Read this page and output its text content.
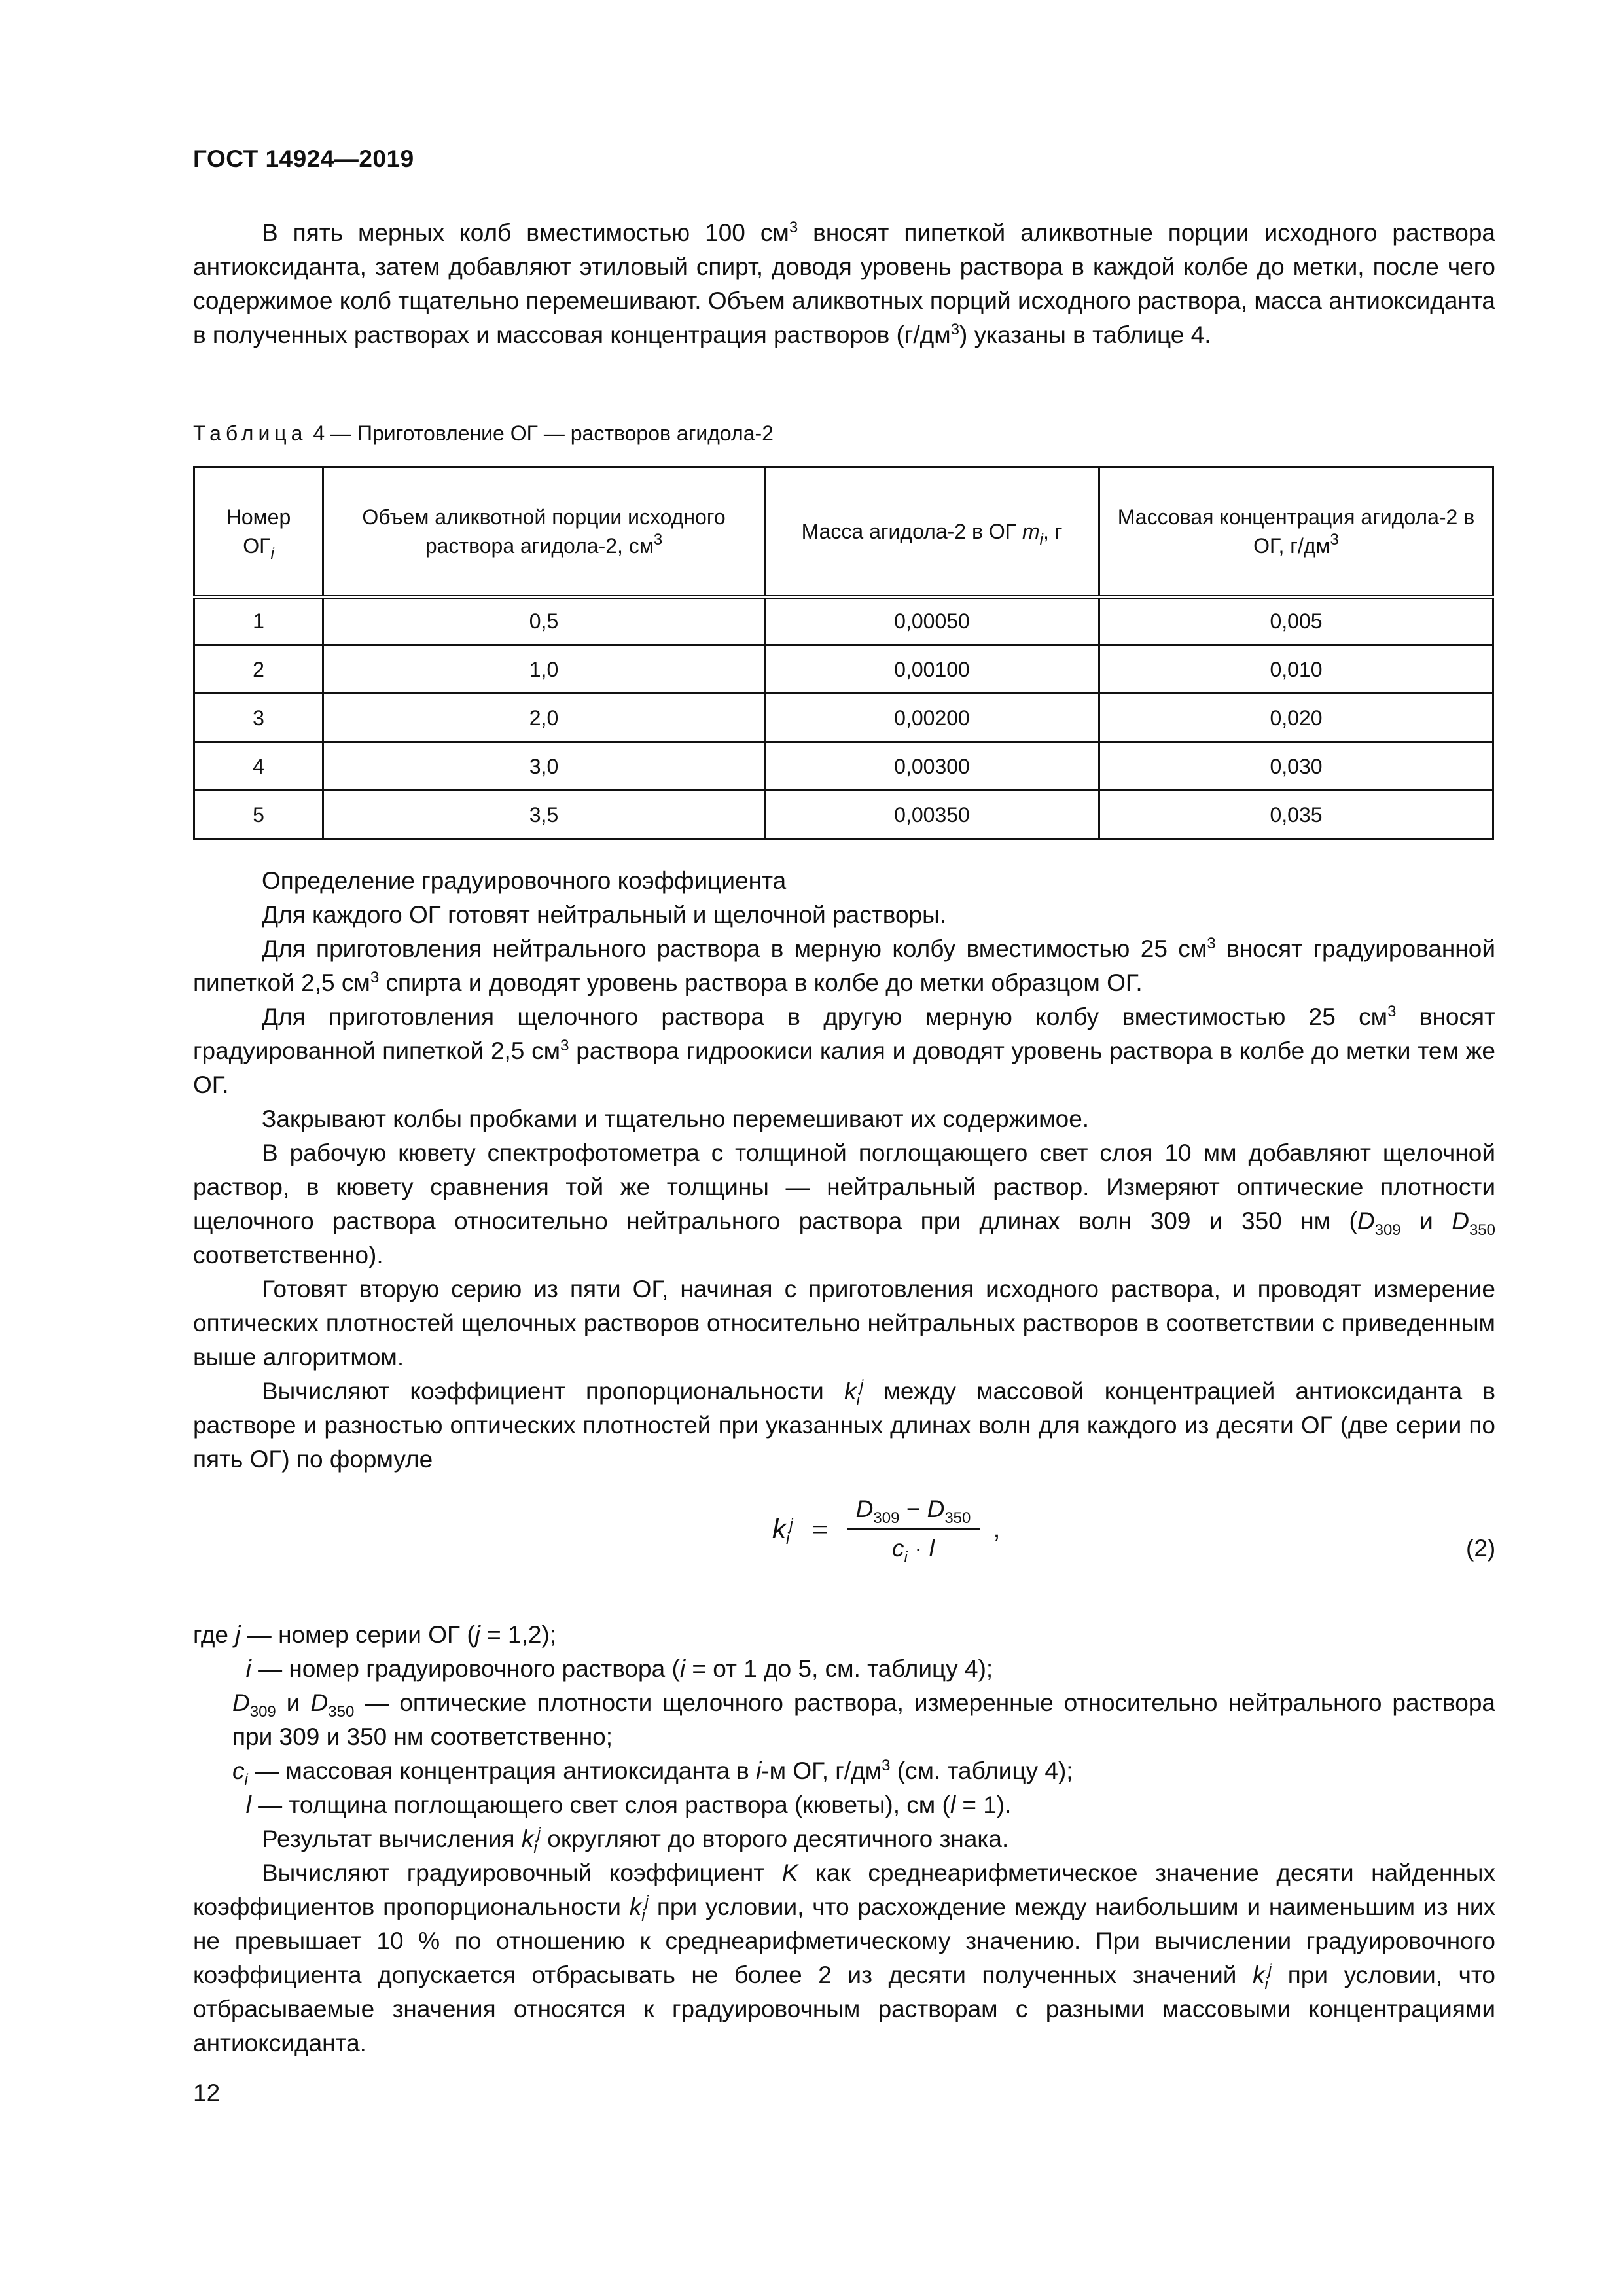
ГОСТ 14924—2019

В пять мерных колб вместимостью 100 $см^3$ вносят пипеткой аликвотные порции исходного раствора антиоксиданта, затем добавляют этиловый спирт, доводя уровень раствора в каждой колбе до метки, после чего содержимое колб тщательно перемешивают. Объем аликвотных порций исходного раствора, масса антиоксиданта в полученных растворах и массовая концентрация растворов $(г/дм^3)$ указаны в таблице 4.

Таблица 4 — Приготовление ОГ — растворов агидола-2
Номер
$ОГ_i$	Объем аликвотной порции исходного раствора агидола-2, $см^3$	Масса агидола-2 в ОГ $m_i$, г	Массовая концентрация агидола-2 в ОГ, $г/дм^3$
1	0,5	0,00050	0,005
2	1,0	0,00100	0,010
3	2,0	0,00200	0,020
4	3,0	0,00300	0,030
5	3,5	0,00350	0,035

Определение градуировочного коэффициента

Для каждого ОГ готовят нейтральный и щелочной растворы.

Для приготовления нейтрального раствора в мерную колбу вместимостью 25 $см^3$ вносят градуированной пипеткой 2,5 $см^3$ спирта и доводят уровень раствора в колбе до метки образцом ОГ.

Для приготовления щелочного раствора в другую мерную колбу вместимостью 25 $см^3$ вносят градуированной пипеткой 2,5 $см^3$ раствора гидроокиси калия и доводят уровень раствора в колбе до метки тем же ОГ.

Закрывают колбы пробками и тщательно перемешивают их содержимое.

В рабочую кювету спектрофотометра с толщиной поглощающего свет слоя 10 мм добавляют щелочной раствор, в кювету сравнения той же толщины — нейтральный раствор. Измеряют оптические плотности щелочного раствора относительно нейтрального раствора при длинах волн 309 и 350 нм ($D_{309}$ и $D_{350}$ соответственно).

Готовят вторую серию из пяти ОГ, начиная с приготовления исходного раствора, и проводят измерение оптических плотностей щелочных растворов относительно нейтральных растворов в соответствии с приведенным выше алгоритмом.

Вычисляют коэффициент пропорциональности $k_i^j$ между массовой концентрацией антиоксиданта в растворе и разностью оптических плотностей при указанных длинах волн для каждого из десяти ОГ (две серии по пять ОГ) по формуле

$k_i^j = \frac{D_{309} - D_{350}}{c_i \cdot l}$ ,
(2)

где j — номер серии ОГ (j = 1,2);

i — номер градуировочного раствора (i = от 1 до 5, см. таблицу 4);

$D_{309}$ и $D_{350}$ — оптические плотности щелочного раствора, измеренные относительно нейтрального раствора при 309 и 350 нм соответственно;

$c_i$ — массовая концентрация антиоксиданта в i-м ОГ, $г/дм^3$ (см. таблицу 4);

l — толщина поглощающего свет слоя раствора (кюветы), см (l = 1).

Результат вычисления $k_i^j$ округляют до второго десятичного знака.

Вычисляют градуировочный коэффициент K как среднеарифметическое значение десяти найденных коэффициентов пропорциональности $k_i^j$ при условии, что расхождение между наибольшим и наименьшим из них не превышает 10 % по отношению к среднеарифметическому значению. При вычислении градуировочного коэффициента допускается отбрасывать не более 2 из десяти полученных значений $k_i^j$ при условии, что отбрасываемые значения относятся к градуировочным растворам с разными массовыми концентрациями антиоксиданта.

12
